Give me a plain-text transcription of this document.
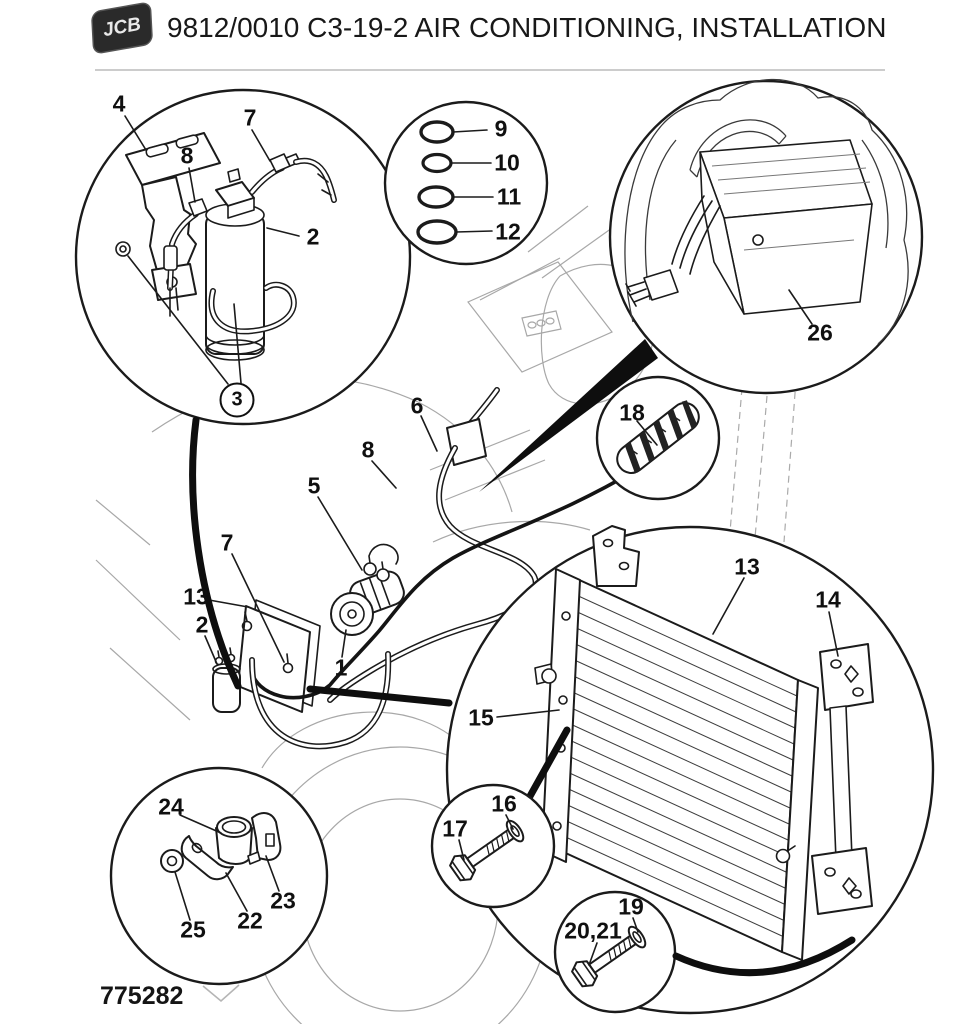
JCB 9812/0010 C3-19-2 AIR CONDITIONING, INSTALLATION
4
7
8
2
3
9
10
11
12
26
6
8
5
7
13
2
1
18
13
14
15
16
17
19
20,21
24
23
22
25
775282
